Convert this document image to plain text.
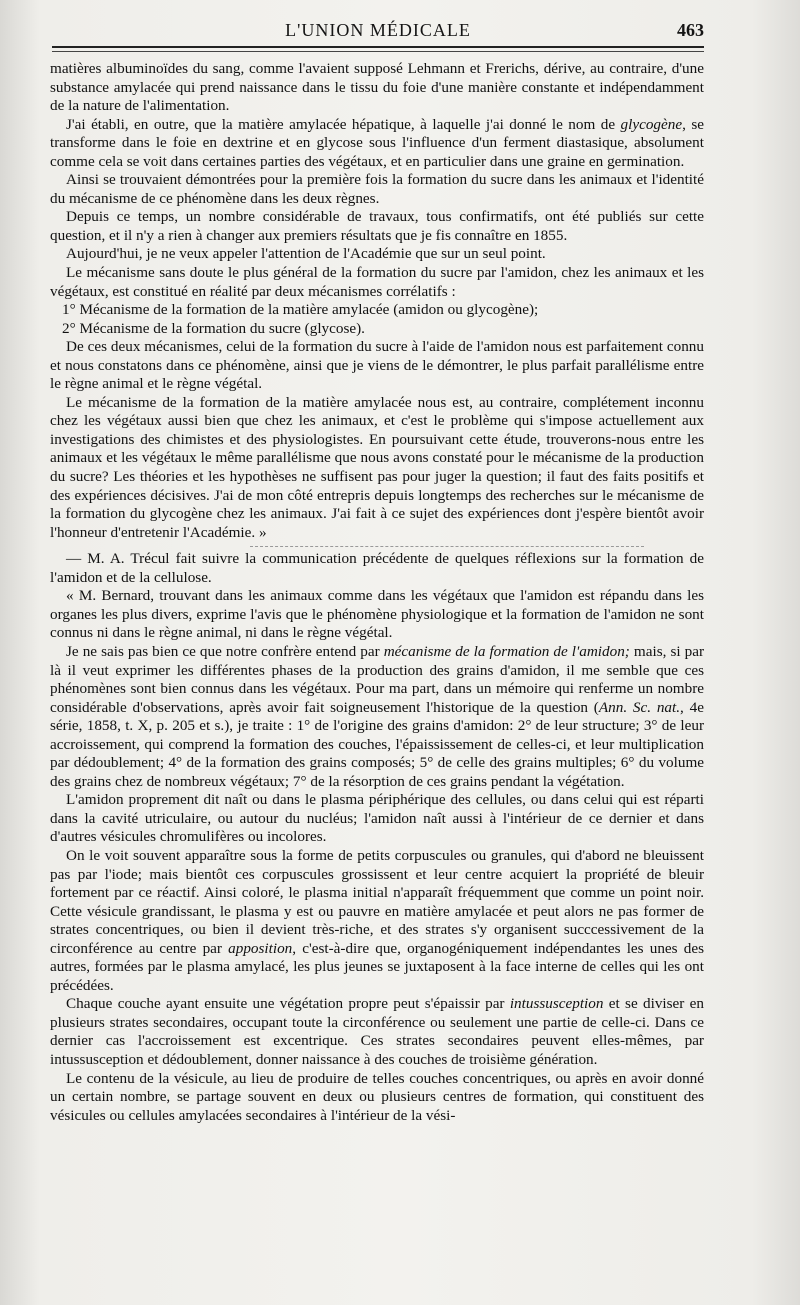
L'UNION MÉDICALE	463

matières albuminoïdes du sang, comme l'avaient supposé Lehmann et Frerichs, dérive, au contraire, d'une substance amylacée qui prend naissance dans le tissu du foie d'une manière constante et indépendamment de la nature de l'alimentation.

J'ai établi, en outre, que la matière amylacée hépatique, à laquelle j'ai donné le nom de glycogène, se transforme dans le foie en dextrine et en glycose sous l'influence d'un ferment diastasique, absolument comme cela se voit dans certaines parties des végétaux, et en particulier dans une graine en germination.

Ainsi se trouvaient démontrées pour la première fois la formation du sucre dans les animaux et l'identité du mécanisme de ce phénomène dans les deux règnes.

Depuis ce temps, un nombre considérable de travaux, tous confirmatifs, ont été publiés sur cette question, et il n'y a rien à changer aux premiers résultats que je fis connaître en 1855.

Aujourd'hui, je ne veux appeler l'attention de l'Académie que sur un seul point.

Le mécanisme sans doute le plus général de la formation du sucre par l'amidon, chez les animaux et les végétaux, est constitué en réalité par deux mécanismes corrélatifs :

1° Mécanisme de la formation de la matière amylacée (amidon ou glycogène);

2° Mécanisme de la formation du sucre (glycose).

De ces deux mécanismes, celui de la formation du sucre à l'aide de l'amidon nous est parfaitement connu et nous constatons dans ce phénomène, ainsi que je viens de le démontrer, le plus parfait parallélisme entre le règne animal et le règne végétal.

Le mécanisme de la formation de la matière amylacée nous est, au contraire, complétement inconnu chez les végétaux aussi bien que chez les animaux, et c'est le problème qui s'impose actuellement aux investigations des chimistes et des physiologistes. En poursuivant cette étude, trouverons-nous entre les animaux et les végétaux le même parallélisme que nous avons constaté pour le mécanisme de la production du sucre? Les théories et les hypothèses ne suffisent pas pour juger la question; il faut des faits positifs et des expériences décisives. J'ai de mon côté entrepris depuis longtemps des recherches sur le mécanisme de la formation du glycogène chez les animaux. J'ai fait à ce sujet des expériences dont j'espère bientôt avoir l'honneur d'entretenir l'Académie. »

— M. A. Trécul fait suivre la communication précédente de quelques réflexions sur la formation de l'amidon et de la cellulose.

« M. Bernard, trouvant dans les animaux comme dans les végétaux que l'amidon est répandu dans les organes les plus divers, exprime l'avis que le phénomène physiologique et la formation de l'amidon ne sont connus ni dans le règne animal, ni dans le règne végétal.

Je ne sais pas bien ce que notre confrère entend par mécanisme de la formation de l'amidon; mais, si par là il veut exprimer les différentes phases de la production des grains d'amidon, il me semble que ces phénomènes sont bien connus dans les végétaux. Pour ma part, dans un mémoire qui renferme un nombre considérable d'observations, après avoir fait soigneusement l'historique de la question (Ann. Sc. nat., 4e série, 1858, t. X, p. 205 et s.), je traite : 1° de l'origine des grains d'amidon: 2° de leur structure; 3° de leur accroissement, qui comprend la formation des couches, l'épaississement de celles-ci, et leur multiplication par dédoublement; 4° de la formation des grains composés; 5° de celle des grains multiples; 6° du volume des grains chez de nombreux végétaux; 7° de la résorption de ces grains pendant la végétation.

L'amidon proprement dit naît ou dans le plasma périphérique des cellules, ou dans celui qui est réparti dans la cavité utriculaire, ou autour du nucléus; l'amidon naît aussi à l'intérieur de ce dernier et dans d'autres vésicules chromulifères ou incolores.

On le voit souvent apparaître sous la forme de petits corpuscules ou granules, qui d'abord ne bleuissent pas par l'iode; mais bientôt ces corpuscules grossissent et leur centre acquiert la propriété de bleuir fortement par ce réactif. Ainsi coloré, le plasma initial n'apparaît fréquemment que comme un point noir. Cette vésicule grandissant, le plasma y est ou pauvre en matière amylacée et peut alors ne pas former de strates concentriques, ou bien il devient très-riche, et des strates s'y organisent succcessivement de la circonférence au centre par apposition, c'est-à-dire que, organogéniquement indépendantes les unes des autres, formées par le plasma amylacé, les plus jeunes se juxtaposent à la face interne de celles qui les ont précédées.

Chaque couche ayant ensuite une végétation propre peut s'épaissir par intussusception et se diviser en plusieurs strates secondaires, occupant toute la circonférence ou seulement une partie de celle-ci. Dans ce dernier cas l'accroissement est excentrique. Ces strates secondaires peuvent elles-mêmes, par intussusception et dédoublement, donner naissance à des couches de troisième génération.

Le contenu de la vésicule, au lieu de produire de telles couches concentriques, ou après en avoir donné un certain nombre, se partage souvent en deux ou plusieurs centres de formation, qui constituent des vésicules ou cellules amylacées secondaires à l'intérieur de la vési-
